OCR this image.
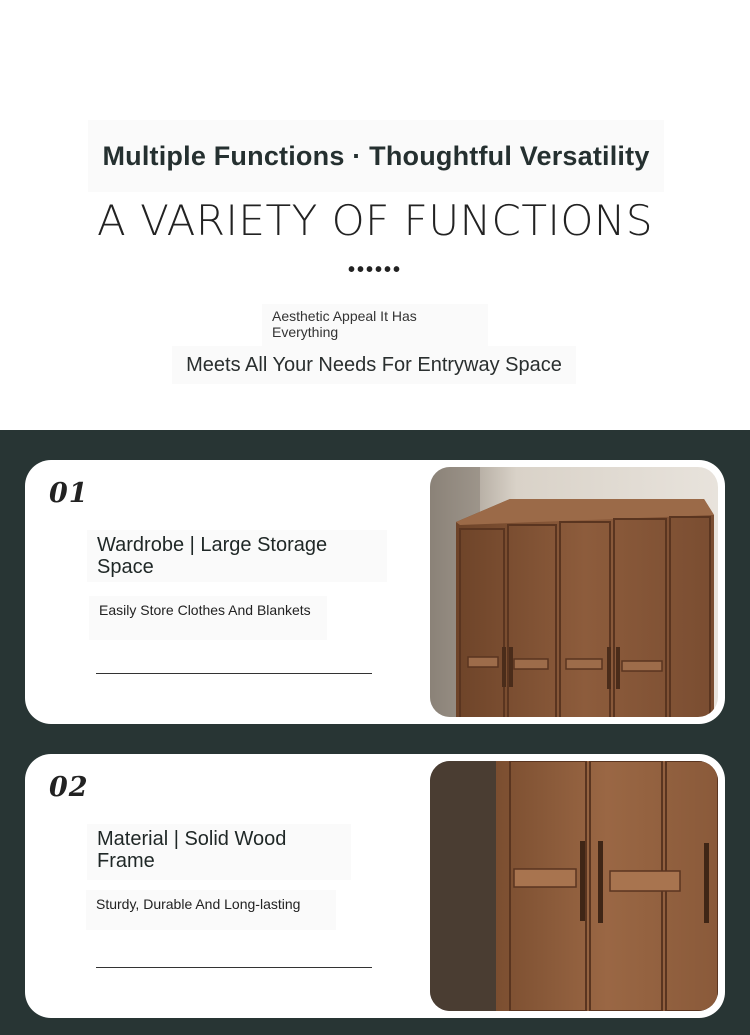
Multiple Functions · Thoughtful Versatility
A VARIETY OF FUNCTIONS
••••••
Aesthetic Appeal It Has Everything
Meets All Your Needs For Entryway Space
01
Wardrobe | Large Storage Space
Easily Store Clothes And Blankets
02
Material | Solid Wood Frame
Sturdy, Durable And Long-lasting
